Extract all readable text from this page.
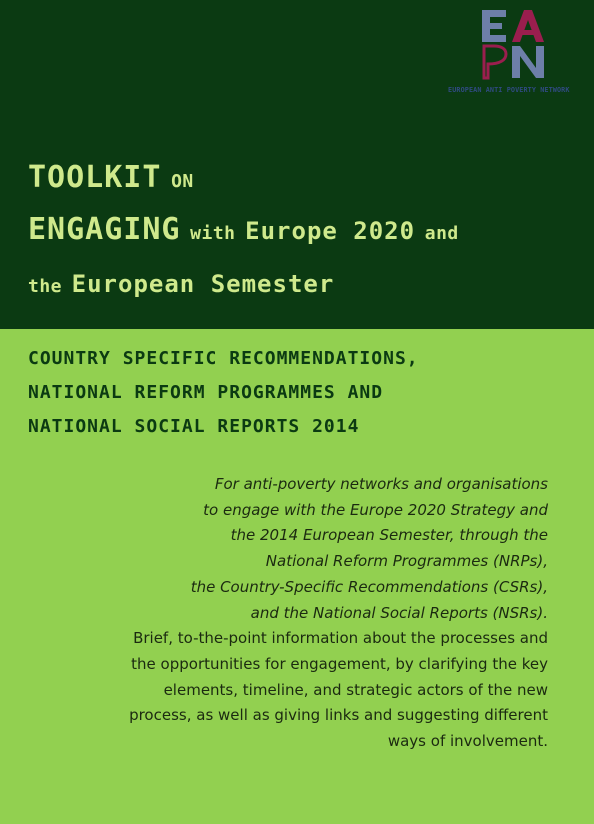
EUROPEAN ANTI POVERTY NETWORK
TOOLKIT ON
ENGAGING with Europe 2020 and
the European Semester
COUNTRY SPECIFIC RECOMMENDATIONS,
NATIONAL REFORM PROGRAMMES AND
NATIONAL SOCIAL REPORTS 2014
For anti-poverty networks and organisations
to engage with the Europe 2020 Strategy and
the 2014 European Semester, through the
National Reform Programmes (NRPs),
the Country-Specific Recommendations (CSRs),
and the National Social Reports (NSRs).
Brief, to-the-point information about the processes and
the opportunities for engagement, by clarifying the key
elements, timeline, and strategic actors of the new
process, as well as giving links and suggesting different
ways of involvement.
